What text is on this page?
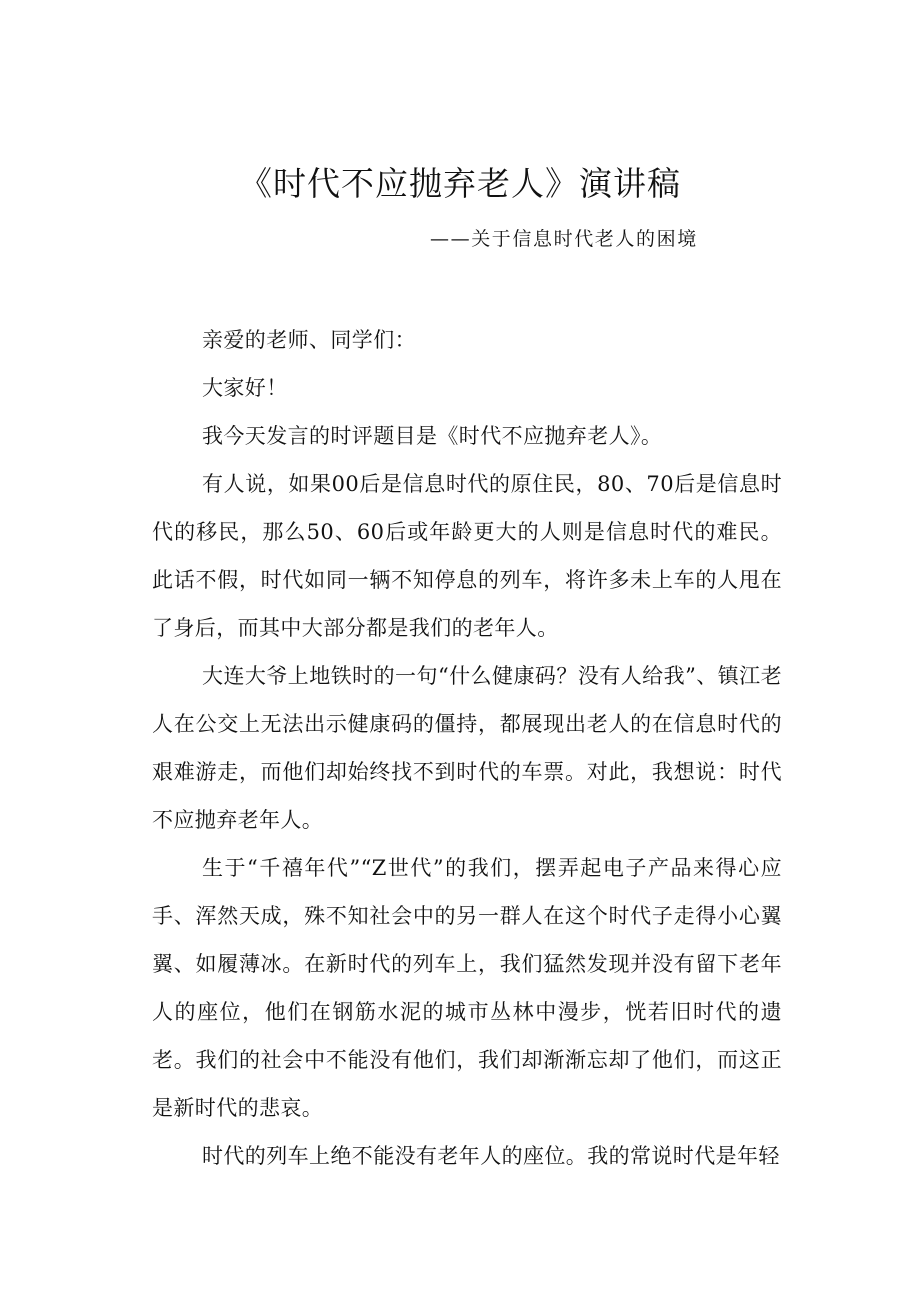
《时代不应抛弃老人》演讲稿
——关于信息时代老人的困境

亲爱的老师、同学们：

大家好！

我今天发言的时评题目是《时代不应抛弃老人》。

有人说，如果00后是信息时代的原住民，80、70后是信息时代的移民，那么50、60后或年龄更大的人则是信息时代的难民。此话不假，时代如同一辆不知停息的列车，将许多未上车的人甩在了身后，而其中大部分都是我们的老年人。

大连大爷上地铁时的一句“什么健康码？没有人给我”、镇江老人在公交上无法出示健康码的僵持，都展现出老人的在信息时代的艰难游走，而他们却始终找不到时代的车票。对此，我想说：时代不应抛弃老年人。

生于“千禧年代”“Z世代”的我们，摆弄起电子产品来得心应手、浑然天成，殊不知社会中的另一群人在这个时代子走得小心翼翼、如履薄冰。在新时代的列车上，我们猛然发现并没有留下老年人的座位，他们在钢筋水泥的城市丛林中漫步，恍若旧时代的遗老。我们的社会中不能没有他们，我们却渐渐忘却了他们，而这正是新时代的悲哀。

时代的列车上绝不能没有老年人的座位。我的常说时代是年轻
